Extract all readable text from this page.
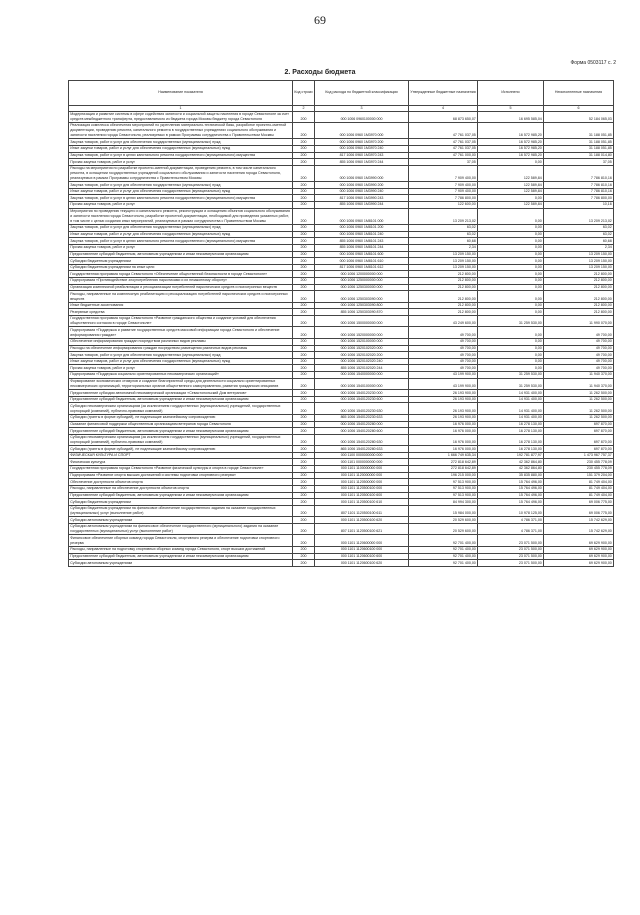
69
Форма 0503117 с. 2
2. Расходы бюджета
Наименование показателя	Код строки	Код расхода по бюджетной классификации	Утвержденные бюджетные назначения	Исполнено	Неисполненные назначения
1	2	3	4	5	6
Модернизация и развитие системы в сфере содействия занятости и социальной защиты населения в городе Севастополе за счет средств межбюджетного трансферта, предоставляемого из бюджета города Москвы бюджету города Севастополя	200	000 1006 0960100000 000	68 873 650,07	16 695 585,04	52 184 065,03
Реализация комплекса обеспечения мероприятий по укреплению материально-технической базы, разработке проектно-сметной документации, проведению ремонта, капитального ремонта в государственных учреждениях социального обслуживания и занятости населения города Севастополя, реализуемых в рамках Программы сотрудничества с Правительством Москвы	200	000 1006 0960 1М3970 000	47 761 037,05	16 572 985,20	31 188 051,85
Закупка товаров, работ и услуг для обеспечения государственных (муниципальных) нужд	200	000 1006 0960 1М3970 200	47 761 037,05	16 572 985,20	31 188 051,85
Иные закупки товаров, работ и услуг для обеспечения государственных (муниципальных) нужд	200	000 1006 0960 1М3970 240	47 761 037,05	16 572 985,20	31 188 051,85
Закупка товаров, работ и услуг в целях капитального ремонта государственного (муниципального) имущества	200	817 1006 0960 1М3970 243	47 761 000,00	16 572 985,20	31 188 014,80
Прочая закупка товаров, работ и услуг	200	855 1006 0960 1М3970 244	37,05	0,00	37,05
Расходы на мероприятия по разработке проектно-сметной документации, проведению ремонта, в том числе капитального ремонта, в оснащении государственных учреждений социального обслуживания и занятости населения города Севастополя, реализуемых в рамках Программы сотрудничества с Правительством Москвы	200	000 1006 0960 1М3990 000	7 909 400,00	122 589,84	7 786 810,16
Закупка товаров, работ и услуг для обеспечения государственных (муниципальных) нужд	200	000 1006 0960 1М3990 200	7 909 400,00	122 589,84	7 786 810,16
Иные закупки товаров, работ и услуг для обеспечения государственных (муниципальных) нужд	200	000 1006 0960 1М3990 240	7 909 400,00	122 589,84	7 786 810,16
Закупка товаров, работ и услуг в целях капитального ремонта государственного (муниципального) имущества	200	817 1006 0960 1М3990 243	7 786 800,00	0,00	7 786 800,00
Прочая закупка товаров, работ и услуг	200	855 1006 0960 1М3990 244	122 600,00	122 589,84	10,16
Мероприятия по проведению текущего и капитального ремонта, реконструкции и оснащению объектов социального обслуживания и занятости населения города Севастополя, разработке проектной документации, необходимой для проведения указанных работ, в том числе с целью создания иных мероприятий, реализуемых в рамках сотрудничества с Правительством Москвы	200	000 1006 0960 1М8101 000	13 209 213,02	0,00	13 209 213,02
Закупка товаров, работ и услуг для обеспечения государственных (муниципальных) нужд	200	000 1006 0960 1М8101 200	63,02	0,00	63,02
Иные закупки товаров, работ и услуг для обеспечения государственных (муниципальных) нужд	200	000 1006 0960 1М8101 240	63,02	0,00	63,02
Закупка товаров, работ и услуг в целях капитального ремонта государственного (муниципального) имущества	200	855 1006 0960 1М8101 243	60,68	0,00	60,68
Прочая закупка товаров, работ и услуг	200	855 1006 0960 1М8101 244	2,34	0,00	2,34
Предоставление субсидий бюджетным, автономным учреждениям и иным некоммерческим организациям	200	000 1006 0960 1М8101 600	13 209 150,00	0,00	13 209 150,00
Субсидии бюджетным учреждениям	200	000 1006 0960 1М8101 610	13 209 150,00	0,00	13 209 150,00
Субсидии бюджетным учреждениям на иные цели	200	817 1006 0960 1М8101 612	13 209 150,00	0,00	13 209 150,00
Государственная программа города Севастополя «Обеспечение общественной безопасности в городе Севастополе»	200	000 1006 1200000000 000	212 800,00	0,00	212 800,00
Подпрограмма «Противодействие злоупотреблению наркотиками и их незаконному обороту»	200	000 1006 1250000000 000	212 800,00	0,00	212 800,00
Организация комплексной реабилитации и ресоциализации потребителей наркотических средств и психотропных веществ	200	000 1006 1250300000 000	212 800,00	0,00	212 800,00
Расходы, направленные на комплексную реабилитацию и ресоциализацию потребителей наркотических средств и психотропных веществ	200	000 1006 1250303090 000	212 800,00	0,00	212 800,00
Иные бюджетные ассигнования	200	000 1006 1250303090 800	212 800,00	0,00	212 800,00
Резервные средства	200	855 1006 1250303090 870	212 800,00	0,00	212 800,00
Государственная программа города Севастополя «Развитие гражданского общества и создание условий для обеспечения общественного согласия в городе Севастополе»	200	000 1006 1500000000 000	43 249 600,00	31 259 530,00	11 990 070,00
Подпрограмма «Поддержка и развитие государственных средств массовой информации города Севастополя и обеспечение информирования граждан»	200	000 1006 1520000000 000	49 700,00	0,00	49 700,00
Обеспечение информирования граждан посредством различных видов рекламы	200	000 1006 1520100000 000	49 700,00	0,00	49 700,00
Расходы на обеспечение информирования граждан посредством размещения различных видов рекламы	200	000 1006 1520102020 000	49 700,00	0,00	49 700,00
Закупка товаров, работ и услуг для обеспечения государственных (муниципальных) нужд	200	000 1006 1520102020 200	49 700,00	0,00	49 700,00
Иные закупки товаров, работ и услуг для обеспечения государственных (муниципальных) нужд	200	000 1006 1520102020 240	49 700,00	0,00	49 700,00
Прочая закупка товаров, работ и услуг	200	855 1006 1520102020 244	49 700,00	0,00	49 700,00
Подпрограмма «Поддержка социально ориентированных некоммерческих организаций»	200	000 1006 1540000000 000	43 199 900,00	31 259 530,00	11 940 370,00
Формирование экономических стимулов и создание благоприятной среды для деятельности социально ориентированных некоммерческих организаций, территориальных органов общественного самоуправления, развития гражданских инициатив	200	000 1006 1540100000 000	43 199 900,00	31 259 530,00	11 940 370,00
Предоставление субсидии автономной некоммерческой организации «Севастопольский Дом ветеранов»	200	000 1006 1540120230 000	26 193 900,00	14 931 400,00	11 262 500,00
Предоставление субсидий бюджетным, автономным учреждениям и иным некоммерческим организациям	200	000 1006 1540120230 600	26 193 900,00	14 931 400,00	11 262 500,00
Субсидии некоммерческим организациям (за исключением государственных (муниципальных) учреждений, государственных корпораций (компаний), публично-правовых компаний)	200	000 1006 1540120230 630	26 193 900,00	14 931 400,00	11 262 500,00
Субсидии (гранты в форме субсидий), не подлежащие казначейскому сопровождению	200	865 1006 1540120230 633	26 193 900,00	14 931 400,00	11 262 500,00
Оказание финансовой поддержки общественным организациям ветеранов города Севастополя	200	000 1006 1540120280 000	16 976 000,00	16 278 130,00	697 870,00
Предоставление субсидий бюджетным, автономным учреждениям и иным некоммерческим организациям	200	000 1006 1540120280 600	16 976 000,00	16 278 130,00	697 870,00
Субсидии некоммерческим организациям (за исключением государственных (муниципальных) учреждений, государственных корпораций (компаний), публично-правовых компаний)	200	000 1006 1540120280 630	16 976 000,00	16 278 130,00	697 870,00
Субсидии (гранты в форме субсидий), не подлежащие казначейскому сопровождению	200	865 1006 1540120280 633	16 976 000,00	16 278 130,00	697 870,00
ФИЗИЧЕСКАЯ КУЛЬТУРА И СПОРТ	200	000 1100 0000000000 000	1 666 749 635,34	192 781 877,97	1 473 967 757,37
Физическая культура	200	000 1101 0000000000 000	272 818 642,89	42 362 864,80	230 455 778,09
Государственная программа города Севастополя «Развитие физической культуры и спорта в городе Севастополе»	200	000 1101 1100000000 000	272 818 642,89	42 362 864,80	230 455 778,09
Подпрограмма «Развитие спорта высших достижений и системы подготовки спортивного резерва»	200	000 1101 1120000000 000	196 215 000,00	35 835 880,00	151 379 204,00
Обеспечение доступности объектов спорта	200	000 1101 1120500000 000	97 513 900,00	15 764 496,00	81 749 404,00
Расходы, направленные на обеспечение доступности объектов спорта	200	000 1101 1120500100 000	97 513 900,00	15 764 496,00	81 749 404,00
Предоставление субсидий бюджетным, автономным учреждениям и иным некоммерческим организациям	200	000 1101 1120500100 600	97 513 900,00	15 764 496,00	81 749 404,00
Субсидии бюджетным учреждениям	200	000 1101 1120500100 610	84 994 300,00	15 764 496,00	69 006 775,00
Субсидии бюджетным учреждениям на финансовое обеспечение государственного задания на оказание государственных (муниципальных) услуг (выполнение работ)	200	807 1101 1120500100 611	15 984 000,00	10 978 125,00	69 006 775,00
Субсидии автономным учреждениям	200	000 1101 1120500100 620	20 529 600,00	4 786 371,00	15 742 629,00
Субсидии автономным учреждениям на финансовое обеспечение государственного (муниципального) задания на оказание государственных (муниципальных) услуг (выполнение работ)	200	807 1101 1120500100 621	20 529 600,00	4 786 371,00	15 742 629,00
Финансовое обеспечение сборных команд города Севастополя, спортивного резерва и обеспечение подготовки спортивного резерва	200	000 1101 1120600000 000	92 701 400,00	23 071 500,00	69 629 900,00
Расходы, направленные на подготовку спортивных сборных команд города Севастополя, спорт высших достижений	200	000 1101 1120600100 000	92 701 400,00	23 071 500,00	69 629 900,00
Предоставление субсидий бюджетным, автономным учреждениям и иным некоммерческим организациям	200	000 1101 1120600100 600	92 701 400,00	23 071 500,00	69 629 900,00
Субсидии автономным учреждениям	200	000 1101 1120600100 620	92 701 400,00	23 071 500,00	69 629 900,00
